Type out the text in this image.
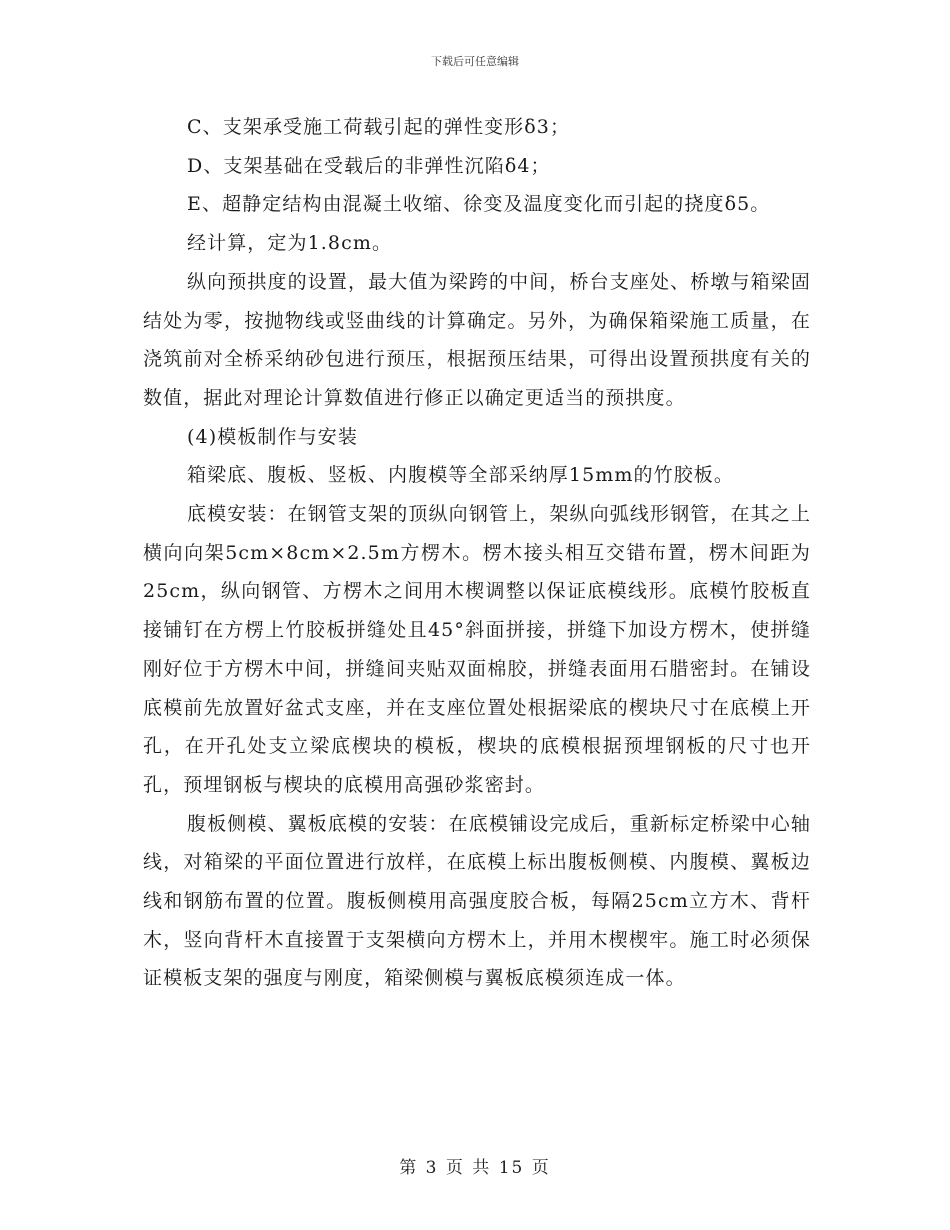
下载后可任意编辑

C、支架承受施工荷载引起的弹性变形δ3；

D、支架基础在受载后的非弹性沉陷δ4；

E、超静定结构由混凝土收缩、徐变及温度变化而引起的挠度δ5。

经计算，定为1.8cm。

纵向预拱度的设置，最大值为梁跨的中间，桥台支座处、桥墩与箱梁固结处为零，按抛物线或竖曲线的计算确定。另外，为确保箱梁施工质量，在浇筑前对全桥采纳砂包进行预压，根据预压结果，可得出设置预拱度有关的数值，据此对理论计算数值进行修正以确定更适当的预拱度。

(4)模板制作与安装

箱梁底、腹板、竖板、内腹模等全部采纳厚15mm的竹胶板。

底模安装：在钢管支架的顶纵向钢管上，架纵向弧线形钢管，在其之上横向向架5cm×8cm×2.5m方楞木。楞木接头相互交错布置，楞木间距为25cm，纵向钢管、方楞木之间用木楔调整以保证底模线形。底模竹胶板直接铺钉在方楞上竹胶板拼缝处且45°斜面拼接，拼缝下加设方楞木，使拼缝刚好位于方楞木中间，拼缝间夹贴双面棉胶，拼缝表面用石腊密封。在铺设底模前先放置好盆式支座，并在支座位置处根据梁底的楔块尺寸在底模上开孔，在开孔处支立梁底楔块的模板，楔块的底模根据预埋钢板的尺寸也开孔，预埋钢板与楔块的底模用高强砂浆密封。

腹板侧模、翼板底模的安装：在底模铺设完成后，重新标定桥梁中心轴线，对箱梁的平面位置进行放样，在底模上标出腹板侧模、内腹模、翼板边线和钢筋布置的位置。腹板侧模用高强度胶合板，每隔25cm立方木、背杆木，竖向背杆木直接置于支架横向方楞木上，并用木楔楔牢。施工时必须保证模板支架的强度与刚度，箱梁侧模与翼板底模须连成一体。

第 3 页 共 15 页
